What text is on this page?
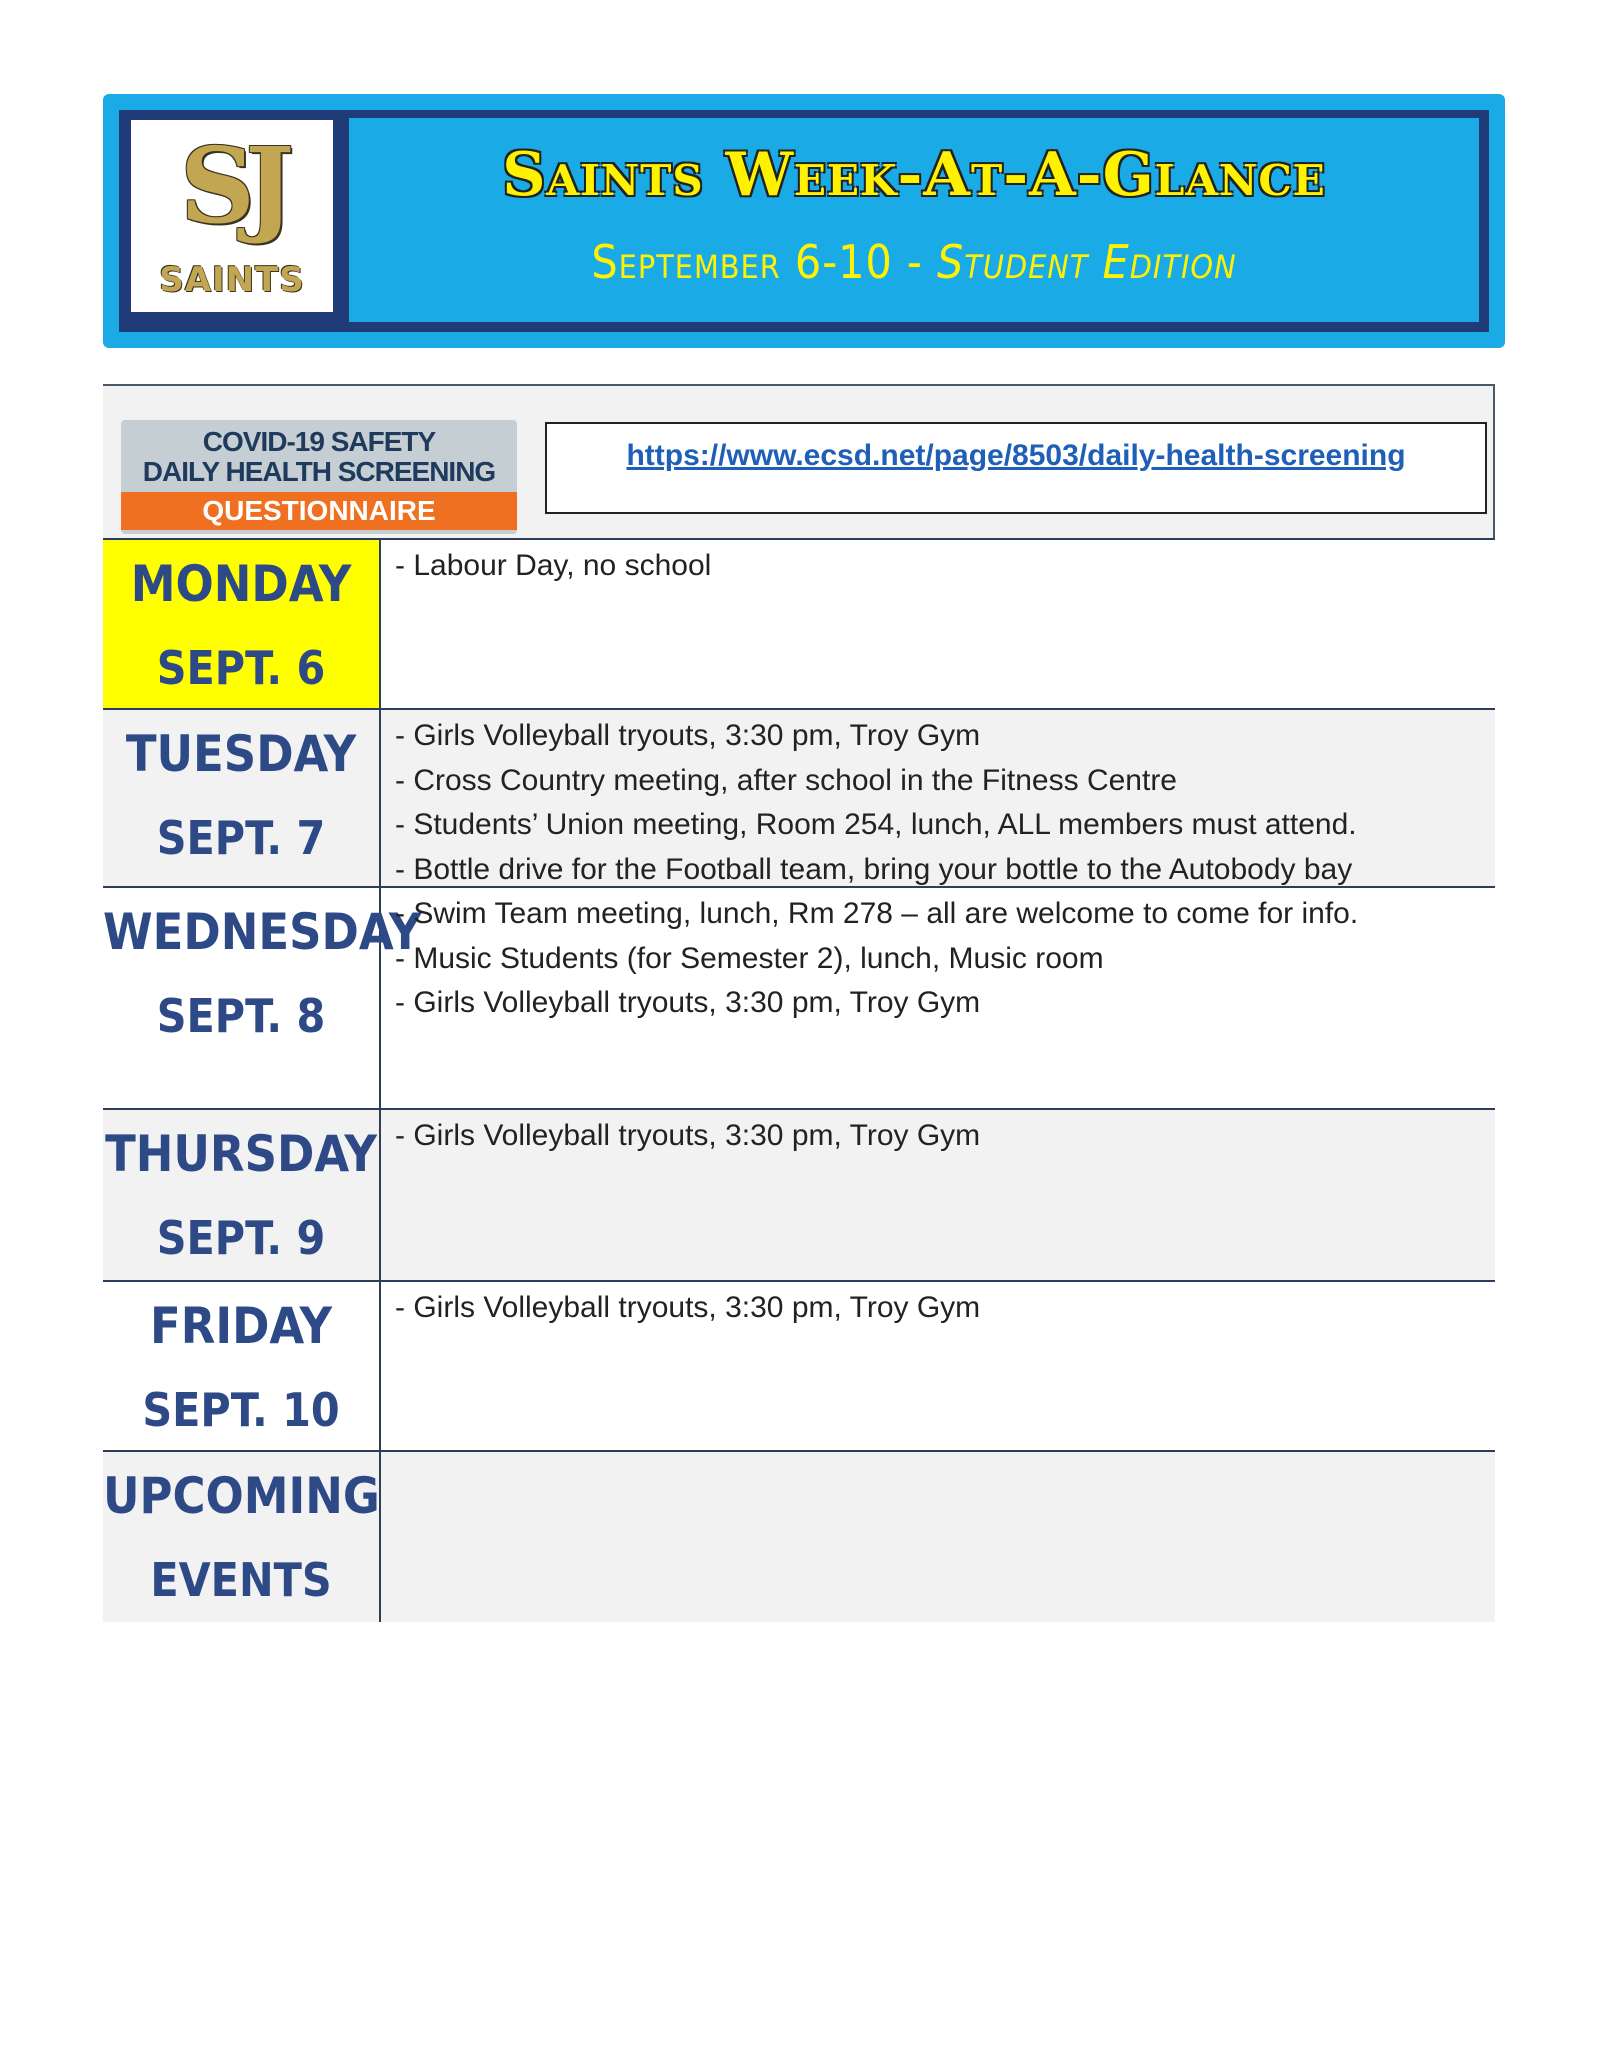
SJ
SAINTS
Saints Week-At-A-Glance
September 6-10 - Student Edition
COVID-19 SAFETY
DAILY HEALTH SCREENING
QUESTIONNAIRE
https://www.ecsd.net/page/8503/daily-health-screening
MONDAY
SEPT. 6
- Labour Day, no school
TUESDAY
SEPT. 7
- Girls Volleyball tryouts, 3:30 pm, Troy Gym
- Cross Country meeting, after school in the Fitness Centre
- Students’ Union meeting, Room 254, lunch, ALL members must attend.
- Bottle drive for the Football team, bring your bottle to the Autobody bay
WEDNESDAY
SEPT. 8
- Swim Team meeting, lunch, Rm 278 – all are welcome to come for info.
- Music Students (for Semester 2), lunch, Music room
- Girls Volleyball tryouts, 3:30 pm, Troy Gym
THURSDAY
SEPT. 9
- Girls Volleyball tryouts, 3:30 pm, Troy Gym
FRIDAY
SEPT. 10
- Girls Volleyball tryouts, 3:30 pm, Troy Gym
UPCOMING
EVENTS
